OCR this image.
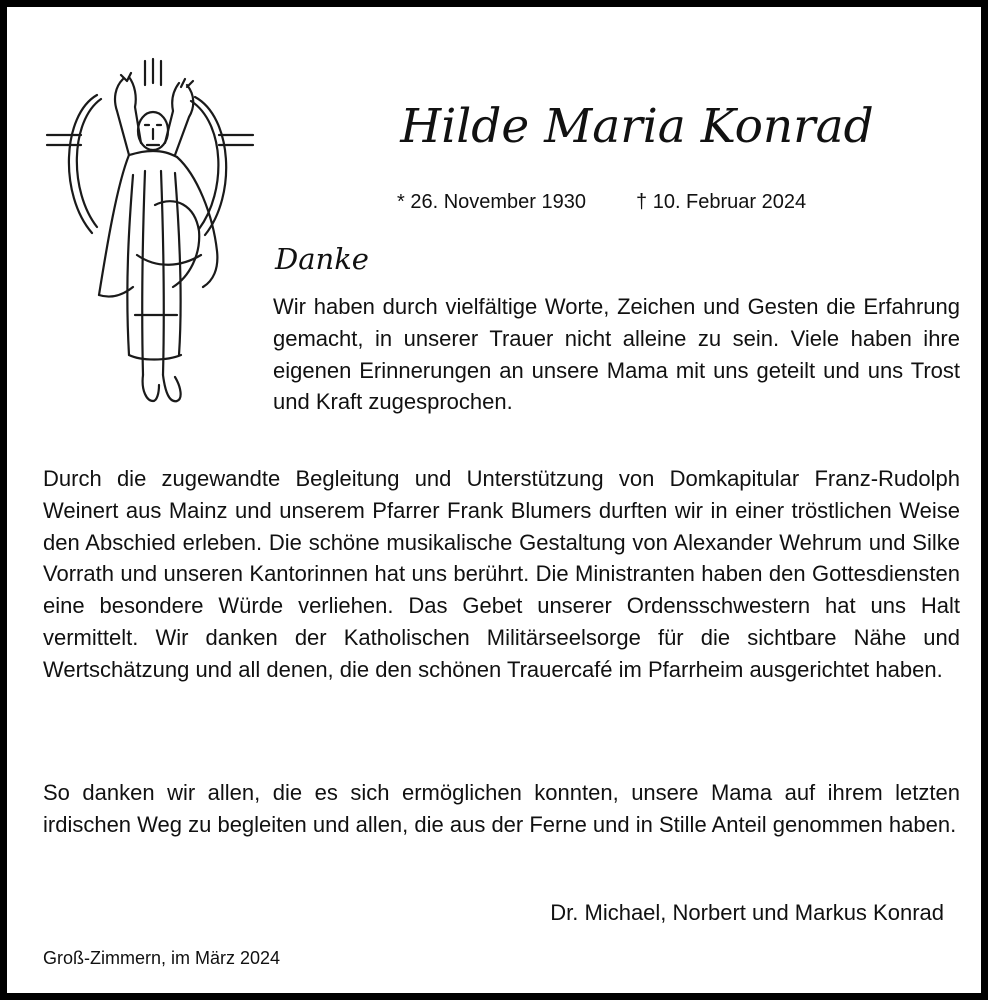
Hilde Maria Konrad
* 26. November 1930	† 10. Februar 2024
Danke

Wir haben durch vielfältige Worte, Zeichen und Gesten die Erfahrung gemacht, in unserer Trauer nicht alleine zu sein. Viele haben ihre eigenen Erinnerungen an unsere Mama mit uns geteilt und uns Trost und Kraft zugesprochen.

Durch die zugewandte Begleitung und Unterstützung von Domkapitular Franz-Rudolph Weinert aus Mainz und unserem Pfarrer Frank Blumers durften wir in einer tröstlichen Weise den Abschied erleben. Die schöne musikalische Gestaltung von Alexander Wehrum und Silke Vorrath und unseren Kantorinnen hat uns berührt. Die Ministranten haben den Gottesdiensten eine besondere Würde verliehen. Das Gebet unserer Ordensschwestern hat uns Halt vermittelt. Wir danken der Katholischen Militärseelsorge für die sichtbare Nähe und Wertschätzung und all denen, die den schönen Trauercafé im Pfarrheim ausgerichtet haben.

So danken wir allen, die es sich ermöglichen konnten, unsere Mama auf ihrem letzten irdischen Weg zu begleiten und allen, die aus der Ferne und in Stille Anteil genommen haben.

Dr. Michael, Norbert und Markus Konrad
Groß-Zimmern, im März 2024
